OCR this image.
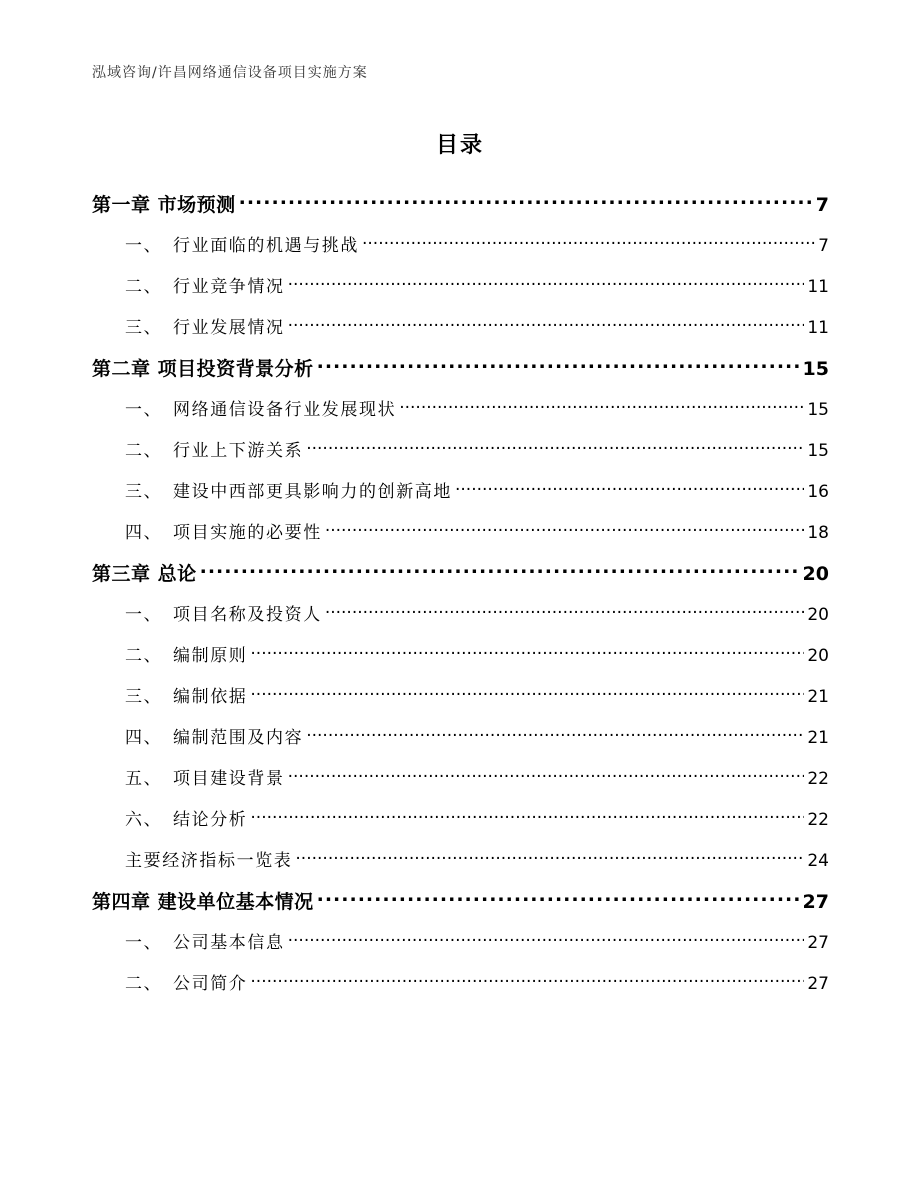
泓域咨询/许昌网络通信设备项目实施方案
目录
第一章 市场预测 .....	7
一、 行业面临的机遇与挑战 .....	7
二、 行业竞争情况 .....	11
三、 行业发展情况 .....	11
第二章 项目投资背景分析 .....	15
一、 网络通信设备行业发展现状 .....	15
二、 行业上下游关系 .....	15
三、 建设中西部更具影响力的创新高地 .....	16
四、 项目实施的必要性 .....	18
第三章 总论 .....	20
一、 项目名称及投资人 .....	20
二、 编制原则 .....	20
三、 编制依据 .....	21
四、 编制范围及内容 .....	21
五、 项目建设背景 .....	22
六、 结论分析 .....	22
主要经济指标一览表 .....	24
第四章 建设单位基本情况 .....	27
一、 公司基本信息 .....	27
二、 公司简介 .....	27
